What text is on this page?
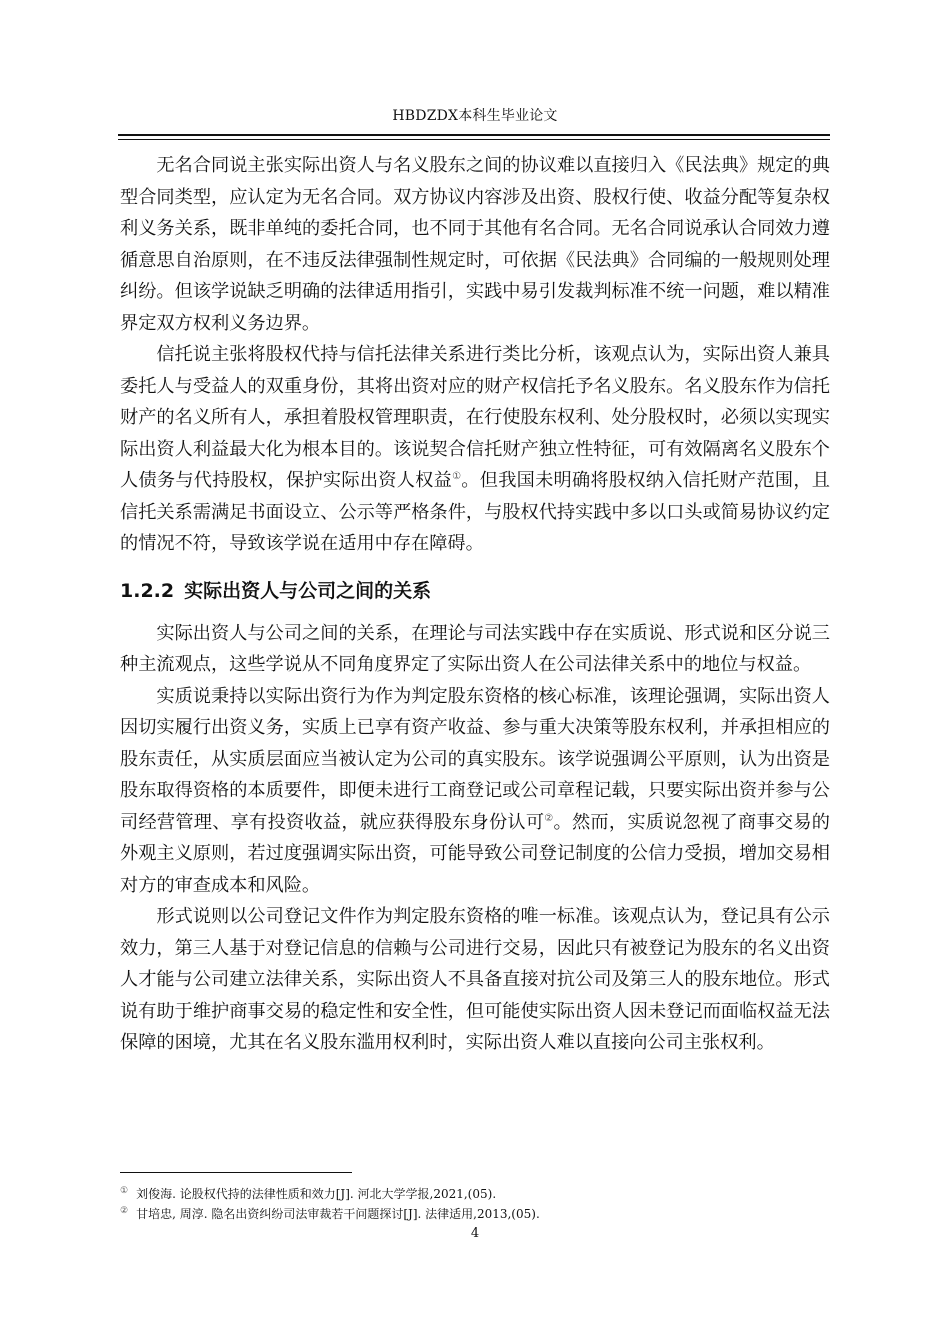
HBDZDX本科生毕业论文

无名合同说主张实际出资人与名义股东之间的协议难以直接归入《民法典》规定的典型合同类型，应认定为无名合同。双方协议内容涉及出资、股权行使、收益分配等复杂权利义务关系，既非单纯的委托合同，也不同于其他有名合同。无名合同说承认合同效力遵循意思自治原则，在不违反法律强制性规定时，可依据《民法典》合同编的一般规则处理纠纷。但该学说缺乏明确的法律适用指引，实践中易引发裁判标准不统一问题，难以精准界定双方权利义务边界。

信托说主张将股权代持与信托法律关系进行类比分析，该观点认为，实际出资人兼具委托人与受益人的双重身份，其将出资对应的财产权信托予名义股东。名义股东作为信托财产的名义所有人，承担着股权管理职责，在行使股东权利、处分股权时，必须以实现实际出资人利益最大化为根本目的。该说契合信托财产独立性特征，可有效隔离名义股东个人债务与代持股权，保护实际出资人权益①。但我国未明确将股权纳入信托财产范围，且信托关系需满足书面设立、公示等严格条件，与股权代持实践中多以口头或简易协议约定的情况不符，导致该学说在适用中存在障碍。

1.2.2 实际出资人与公司之间的关系

实际出资人与公司之间的关系，在理论与司法实践中存在实质说、形式说和区分说三种主流观点，这些学说从不同角度界定了实际出资人在公司法律关系中的地位与权益。

实质说秉持以实际出资行为作为判定股东资格的核心标准，该理论强调，实际出资人因切实履行出资义务，实质上已享有资产收益、参与重大决策等股东权利，并承担相应的股东责任，从实质层面应当被认定为公司的真实股东。该学说强调公平原则，认为出资是股东取得资格的本质要件，即便未进行工商登记或公司章程记载，只要实际出资并参与公司经营管理、享有投资收益，就应获得股东身份认可②。然而，实质说忽视了商事交易的外观主义原则，若过度强调实际出资，可能导致公司登记制度的公信力受损，增加交易相对方的审查成本和风险。

形式说则以公司登记文件作为判定股东资格的唯一标准。该观点认为，登记具有公示效力，第三人基于对登记信息的信赖与公司进行交易，因此只有被登记为股东的名义出资人才能与公司建立法律关系，实际出资人不具备直接对抗公司及第三人的股东地位。形式说有助于维护商事交易的稳定性和安全性，但可能使实际出资人因未登记而面临权益无法保障的困境，尤其在名义股东滥用权利时，实际出资人难以直接向公司主张权利。

① 刘俊海. 论股权代持的法律性质和效力[J]. 河北大学学报,2021,(05).

② 甘培忠, 周淳. 隐名出资纠纷司法审裁若干问题探讨[J]. 法律适用,2013,(05).

4
